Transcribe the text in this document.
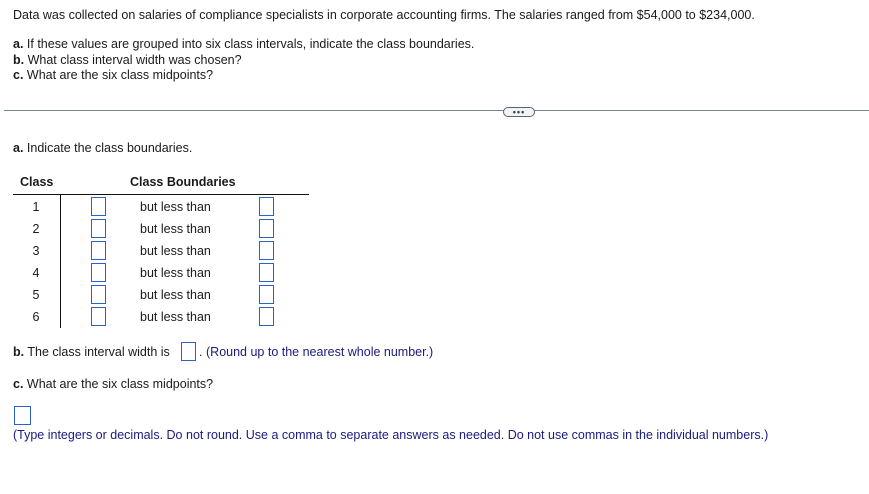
Data was collected on salaries of compliance specialists in corporate accounting firms. The salaries ranged from $54,000 to $234,000.
a. If these values are grouped into six class intervals, indicate the class boundaries.
b. What class interval width was chosen?
c. What are the six class midpoints?
•••
a. Indicate the class boundaries.
Class	Class Boundaries
1	but less than
2	but less than
3	but less than
4	but less than
5	but less than
6	but less than
b. The class interval width is . (Round up to the nearest whole number.)
c. What are the six class midpoints?
(Type integers or decimals. Do not round. Use a comma to separate answers as needed. Do not use commas in the individual numbers.)
